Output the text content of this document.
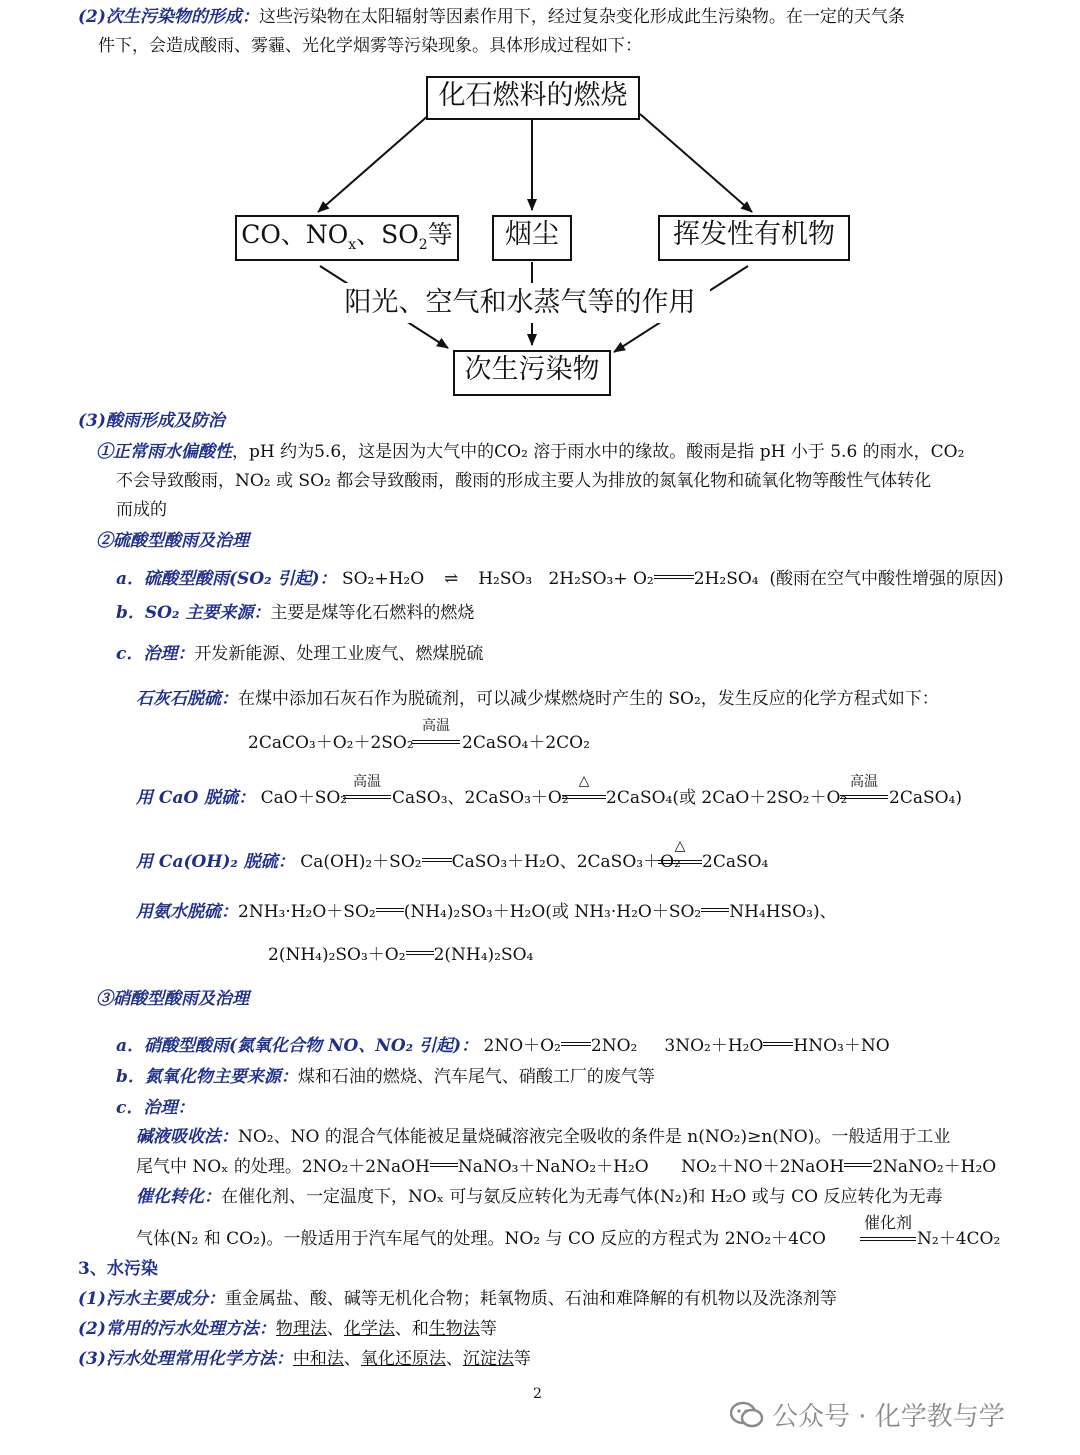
(2)次生污染物的形成：这些污染物在太阳辐射等因素作用下，经过复杂变化形成此生污染物。在一定的天气条
件下，会造成酸雨、雾霾、光化学烟雾等污染现象。具体形成过程如下：
化石燃料的燃烧
CO、$NO_x$、$SO_2$等	烟尘	挥发性有机物
阳光、空气和水蒸气等的作用
次生污染物
(3)酸雨形成及防治
①正常雨水偏酸性，pH 约为5.6，这是因为大气中的CO₂ 溶于雨水中的缘故。酸雨是指 pH 小于 5.6 的雨水，CO₂
不会导致酸雨，NO₂ 或 SO₂ 都会导致酸雨，酸雨的形成主要人为排放的氮氧化物和硫氧化物等酸性气体转化
而成的
②硫酸型酸雨及治理
a．硫酸型酸雨(SO₂ 引起)： SO₂+H₂O ⇌ H₂SO₃ 2H₂SO₃+ O₂ 2H₂SO₄ (酸雨在空气中酸性增强的原因)
b．SO₂ 主要来源：主要是煤等化石燃料的燃烧
c．治理：开发新能源、处理工业废气、燃煤脱硫
石灰石脱硫：在煤中添加石灰石作为脱硫剂，可以减少煤燃烧时产生的 SO₂，发生反应的化学方程式如下：
2CaCO₃＋O₂＋2SO₂
高温
2CaSO₄＋2CO₂
用 CaO 脱硫： CaO＋SO₂
高温
CaSO₃、2CaSO₃＋O₂
△
2CaSO₄(或 2CaO＋2SO₂＋O₂
高温
2CaSO₄)
用 Ca(OH)₂ 脱硫： Ca(OH)₂＋SO₂ CaSO₃＋H₂O、2CaSO₃＋O₂
△
2CaSO₄
用氨水脱硫：2NH₃·H₂O＋SO₂ (NH₄)₂SO₃＋H₂O(或 NH₃·H₂O＋SO₂ NH₄HSO₃)、
2(NH₄)₂SO₃＋O₂ 2(NH₄)₂SO₄
③硝酸型酸雨及治理
a．硝酸型酸雨(氮氧化合物 NO、NO₂ 引起)： 2NO＋O₂ 2NO₂ 3NO₂＋H₂O HNO₃＋NO
b．氮氧化物主要来源：煤和石油的燃烧、汽车尾气、硝酸工厂的废气等
c．治理：
碱液吸收法：NO₂、NO 的混合气体能被足量烧碱溶液完全吸收的条件是 n(NO₂)≥n(NO)。一般适用于工业
尾气中 NOₓ 的处理。2NO₂＋2NaOH NaNO₃＋NaNO₂＋H₂O NO₂＋NO＋2NaOH 2NaNO₂＋H₂O
催化转化：在催化剂、一定温度下，NOₓ 可与氨反应转化为无毒气体(N₂)和 H₂O 或与 CO 反应转化为无毒
气体(N₂ 和 CO₂)。一般适用于汽车尾气的处理。NO₂ 与 CO 反应的方程式为 2NO₂＋4CO
催化剂
N₂＋4CO₂
3、水污染
(1)污水主要成分：重金属盐、酸、碱等无机化合物；耗氧物质、石油和难降解的有机物以及洗涤剂等
(2)常用的污水处理方法：物理法、化学法、和生物法等
(3)污水处理常用化学方法：中和法、氧化还原法、沉淀法等
2
公众号 · 化学教与学
